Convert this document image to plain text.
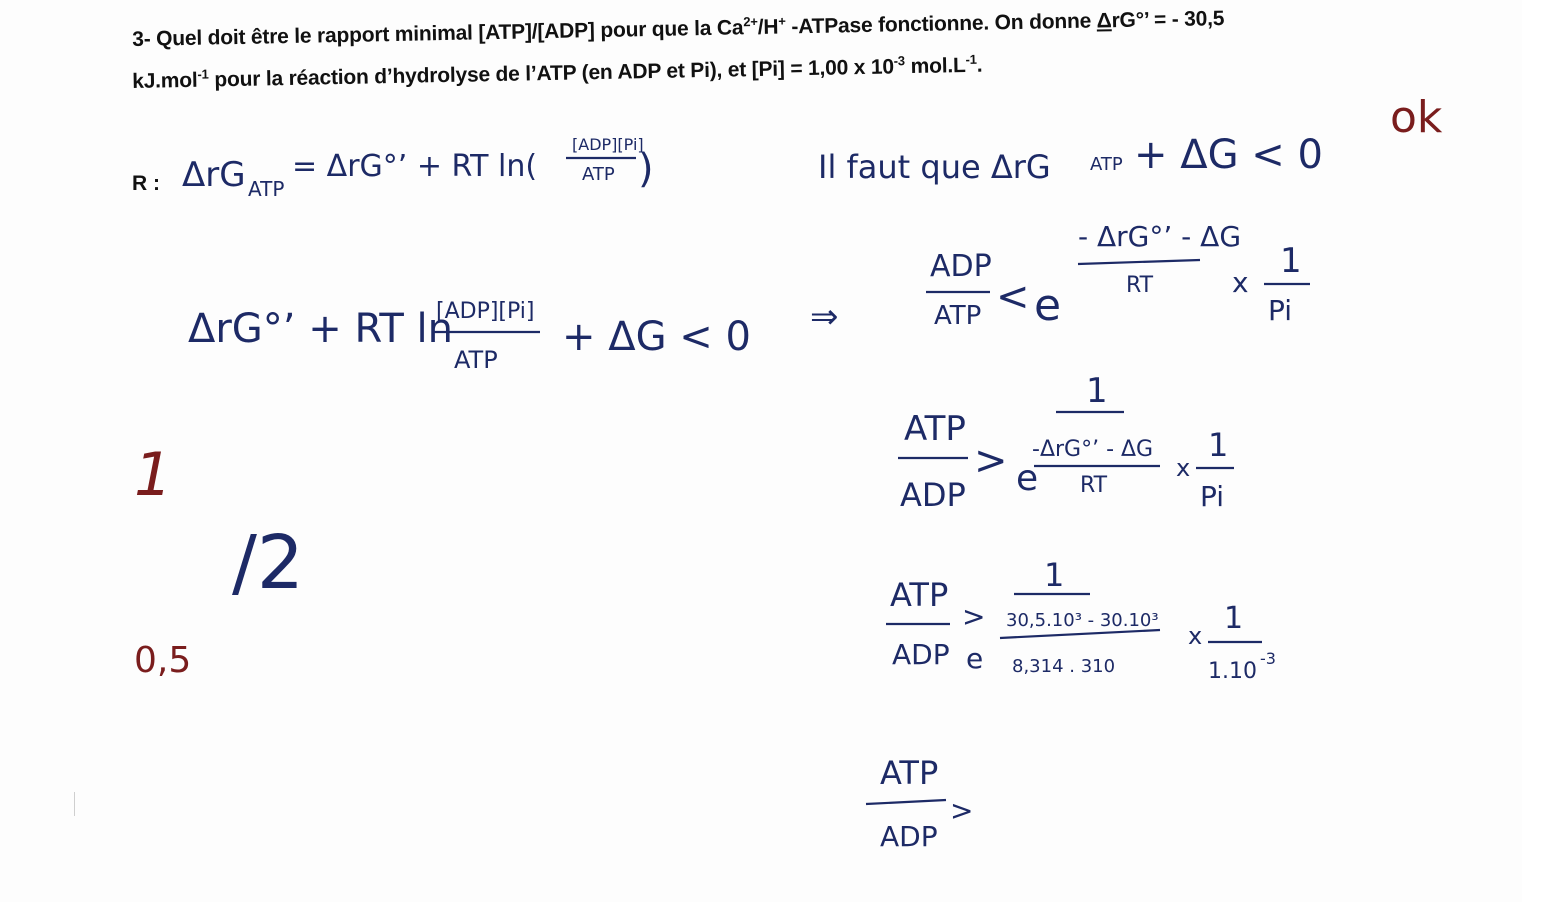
3- Quel doit être le rapport minimal [ATP]/[ADP] pour que la $Ca^{2+}/H^+$ -ATPase fonctionne. On donne ΔrG°’ = - 30,5
kJ.mol$^{-1}$ pour la réaction d’hydrolyse de l’ATP (en ADP et Pi), et [Pi] = 1,00 x $10^{-3}$ $mol.L^{-1}$.
R : ΔrG ATP
= ΔrG°’ + RT ln(
[ADP][Pi]
ATP )	Il faut que ΔrG ATP + ΔG < 0
ΔrG°’ + RT ln
[ADP][Pi]
ATP + ΔG < 0 ⇒
ADP
ATP < e
- ΔrG°’ - ΔG
RT	x
1
Pi
ATP
ADP
>
1
e
-ΔrG°’ - ΔG
RT
x
1
Pi
ATP
ADP
>
1
e
30,5.10³ - 30.10³
8,314 . 310
x 1
1.10
-3
ATP
ADP
>
ok
1
/2
0,5
